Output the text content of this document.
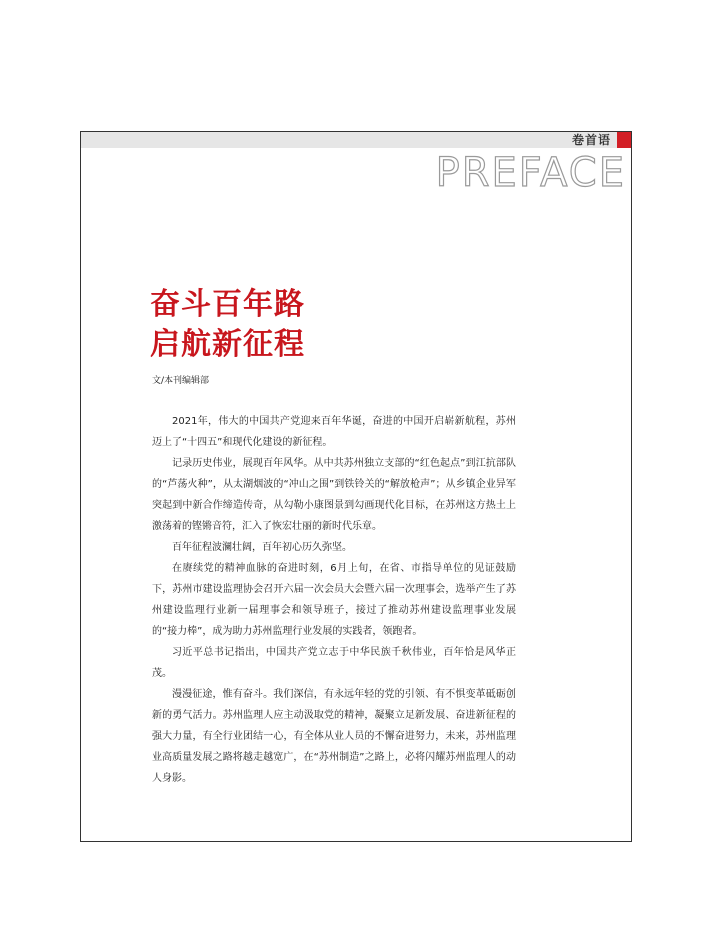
卷首语
PREFACE
奋斗百年路
启航新征程
文/本刊编辑部

2021年，伟大的中国共产党迎来百年华诞，奋进的中国开启崭新航程，苏州迈上了“十四五”和现代化建设的新征程。

记录历史伟业，展现百年风华。从中共苏州独立支部的“红色起点”到江抗部队的“芦荡火种”，从太湖烟波的“冲山之围”到铁铃关的“解放枪声”；从乡镇企业异军突起到中新合作缔造传奇，从勾勒小康图景到勾画现代化目标，在苏州这方热土上激荡着的铿锵音符，汇入了恢宏壮丽的新时代乐章。

百年征程波澜壮阔，百年初心历久弥坚。

在赓续党的精神血脉的奋进时刻，6月上旬，在省、市指导单位的见证鼓励下，苏州市建设监理协会召开六届一次会员大会暨六届一次理事会，选举产生了苏州建设监理行业新一届理事会和领导班子，接过了推动苏州建设监理事业发展的“接力棒”，成为助力苏州监理行业发展的实践者，领跑者。

习近平总书记指出，中国共产党立志于中华民族千秋伟业，百年恰是风华正茂。

漫漫征途，惟有奋斗。我们深信，有永远年轻的党的引领、有不惧变革砥砺创新的勇气活力。苏州监理人应主动汲取党的精神，凝聚立足新发展、奋进新征程的强大力量，有全行业团结一心，有全体从业人员的不懈奋进努力，未来，苏州监理业高质量发展之路将越走越宽广，在“苏州制造”之路上，必将闪耀苏州监理人的动人身影。
